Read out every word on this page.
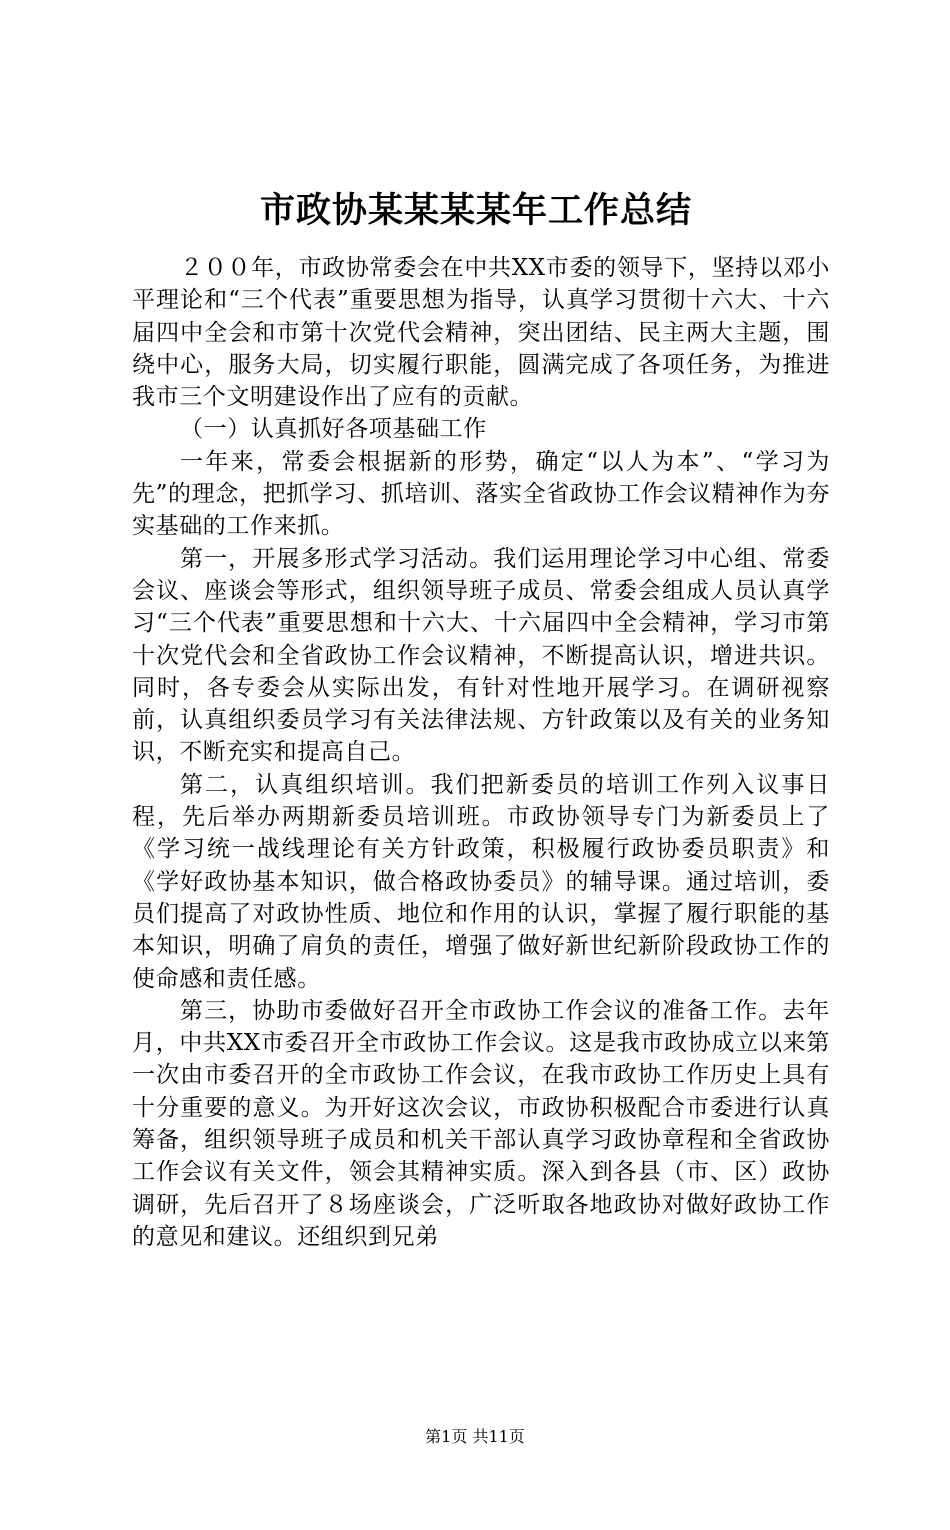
市政协某某某某年工作总结

２００年，市政协常委会在中共XX市委的领导下，坚持以邓小平理论和“三个代表”重要思想为指导，认真学习贯彻十六大、十六届四中全会和市第十次党代会精神，突出团结、民主两大主题，围绕中心，服务大局，切实履行职能，圆满完成了各项任务，为推进我市三个文明建设作出了应有的贡献。

（一）认真抓好各项基础工作

一年来，常委会根据新的形势，确定“以人为本”、“学习为先”的理念，把抓学习、抓培训、落实全省政协工作会议精神作为夯实基础的工作来抓。

第一，开展多形式学习活动。我们运用理论学习中心组、常委会议、座谈会等形式，组织领导班子成员、常委会组成人员认真学习“三个代表”重要思想和十六大、十六届四中全会精神，学习市第十次党代会和全省政协工作会议精神，不断提高认识，增进共识。同时，各专委会从实际出发，有针对性地开展学习。在调研视察前，认真组织委员学习有关法律法规、方针政策以及有关的业务知识，不断充实和提高自己。

第二，认真组织培训。我们把新委员的培训工作列入议事日程，先后举办两期新委员培训班。市政协领导专门为新委员上了《学习统一战线理论有关方针政策，积极履行政协委员职责》和《学好政协基本知识，做合格政协委员》的辅导课。通过培训，委员们提高了对政协性质、地位和作用的认识，掌握了履行职能的基本知识，明确了肩负的责任，增强了做好新世纪新阶段政协工作的使命感和责任感。

第三，协助市委做好召开全市政协工作会议的准备工作。去年月，中共XX市委召开全市政协工作会议。这是我市政协成立以来第一次由市委召开的全市政协工作会议，在我市政协工作历史上具有十分重要的意义。为开好这次会议，市政协积极配合市委进行认真筹备，组织领导班子成员和机关干部认真学习政协章程和全省政协工作会议有关文件，领会其精神实质。深入到各县（市、区）政协调研，先后召开了８场座谈会，广泛听取各地政协对做好政协工作的意见和建议。还组织到兄弟

第1页 共11页
